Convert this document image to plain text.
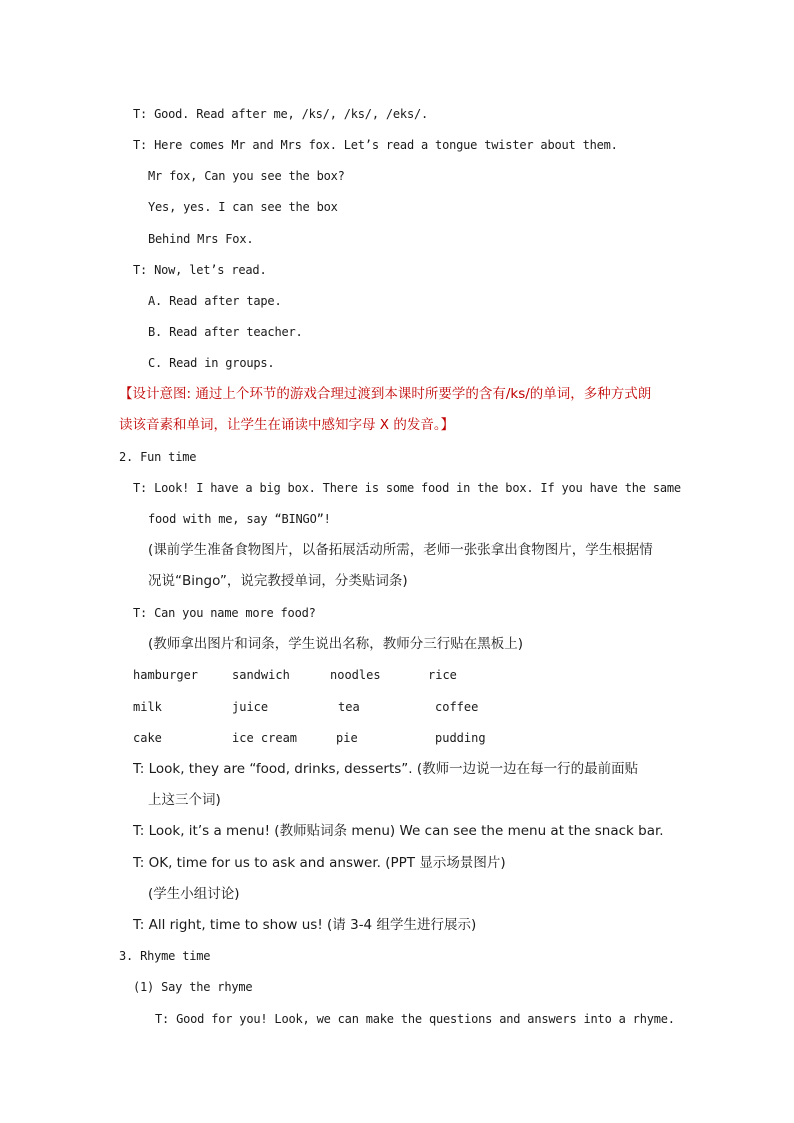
T: Good. Read after me, /ks/, /ks/, /eks/.
T: Here comes Mr and Mrs fox. Let’s read a tongue twister about them.
Mr fox, Can you see the box?
Yes, yes. I can see the box
Behind Mrs Fox.
T: Now, let’s read.
A. Read after tape.
B. Read after teacher.
C. Read in groups.
【设计意图: 通过上个环节的游戏合理过渡到本课时所要学的含有/ks/的单词，多种方式朗
读该音素和单词，让学生在诵读中感知字母 X 的发音。】
2. Fun time
T: Look! I have a big box. There is some food in the box. If you have the same
food with me, say “BINGO”!
(课前学生准备食物图片，以备拓展活动所需，老师一张张拿出食物图片，学生根据情
况说“Bingo”，说完教授单词，分类贴词条)
T: Can you name more food?
(教师拿出图片和词条，学生说出名称，教师分三行贴在黑板上)
hamburger	sandwich	noodles	rice
milk	juice	tea	coffee
cake	ice cream	pie	pudding
T: Look, they are “food, drinks, desserts”. (教师一边说一边在每一行的最前面贴
上这三个词)
T: Look, it’s a menu! (教师贴词条 menu) We can see the menu at the snack bar.
T: OK, time for us to ask and answer. (PPT 显示场景图片)
(学生小组讨论)
T: All right, time to show us! (请 3-4 组学生进行展示)
3. Rhyme time
(1) Say the rhyme
T: Good for you! Look, we can make the questions and answers into a rhyme.
